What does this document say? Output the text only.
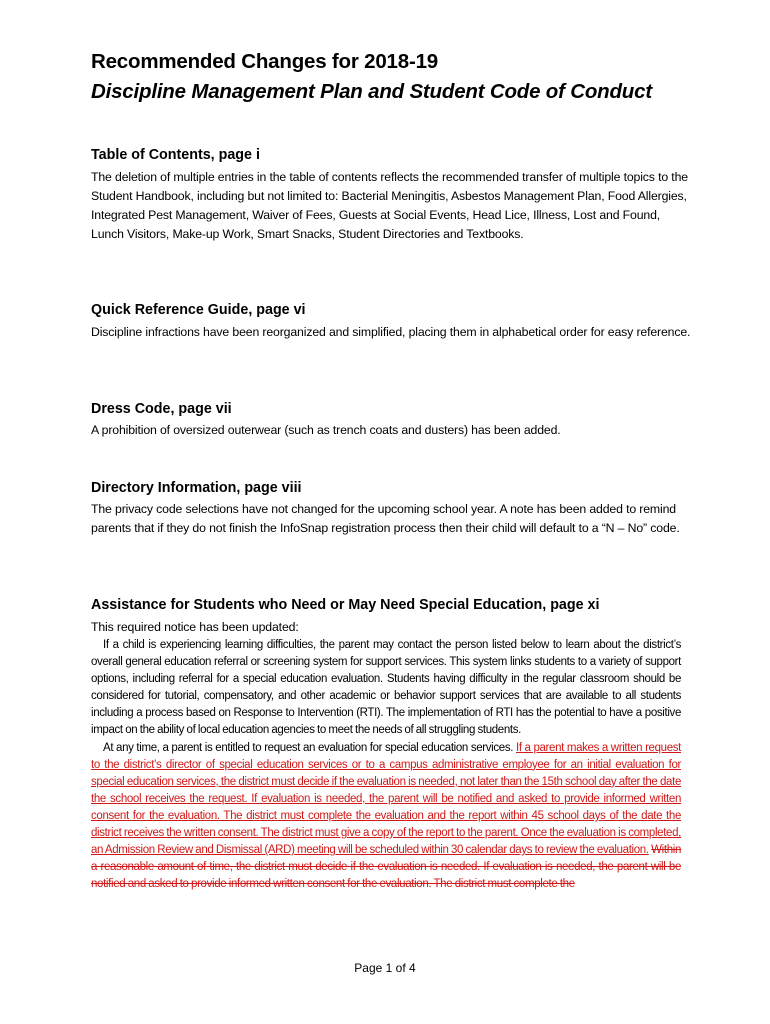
Recommended Changes for 2018-19
Discipline Management Plan and Student Code of Conduct
Table of Contents, page i
The deletion of multiple entries in the table of contents reflects the recommended transfer of multiple topics to the Student Handbook, including but not limited to: Bacterial Meningitis, Asbestos Management Plan, Food Allergies, Integrated Pest Management, Waiver of Fees, Guests at Social Events, Head Lice, Illness, Lost and Found, Lunch Visitors, Make-up Work, Smart Snacks, Student Directories and Textbooks.
Quick Reference Guide, page vi
Discipline infractions have been reorganized and simplified, placing them in alphabetical order for easy reference.
Dress Code, page vii
A prohibition of oversized outerwear (such as trench coats and dusters) has been added.
Directory Information, page viii
The privacy code selections have not changed for the upcoming school year. A note has been added to remind parents that if they do not finish the InfoSnap registration process then their child will default to a “N – No” code.
Assistance for Students who Need or May Need Special Education, page xi
This required notice has been updated:

If a child is experiencing learning difficulties, the parent may contact the person listed below to learn about the district’s overall general education referral or screening system for support services. This system links students to a variety of support options, including referral for a special education evaluation. Students having difficulty in the regular classroom should be considered for tutorial, compensatory, and other academic or behavior support services that are available to all students including a process based on Response to Intervention (RTI). The implementation of RTI has the potential to have a positive impact on the ability of local education agencies to meet the needs of all struggling students.

At any time, a parent is entitled to request an evaluation for special education services. If a parent makes a written request to the district’s director of special education services or to a campus administrative employee for an initial evaluation for special education services, the district must decide if the evaluation is needed, not later than the 15th school day after the date the school receives the request. If evaluation is needed, the parent will be notified and asked to provide informed written consent for the evaluation. The district must complete the evaluation and the report within 45 school days of the date the district receives the written consent. The district must give a copy of the report to the parent. Once the evaluation is completed, an Admission Review and Dismissal (ARD) meeting will be scheduled within 30 calendar days to review the evaluation. Within a reasonable amount of time, the district must decide if the evaluation is needed. If evaluation is needed, the parent will be notified and asked to provide informed written consent for the evaluation. The district must complete the

Page 1 of 4
